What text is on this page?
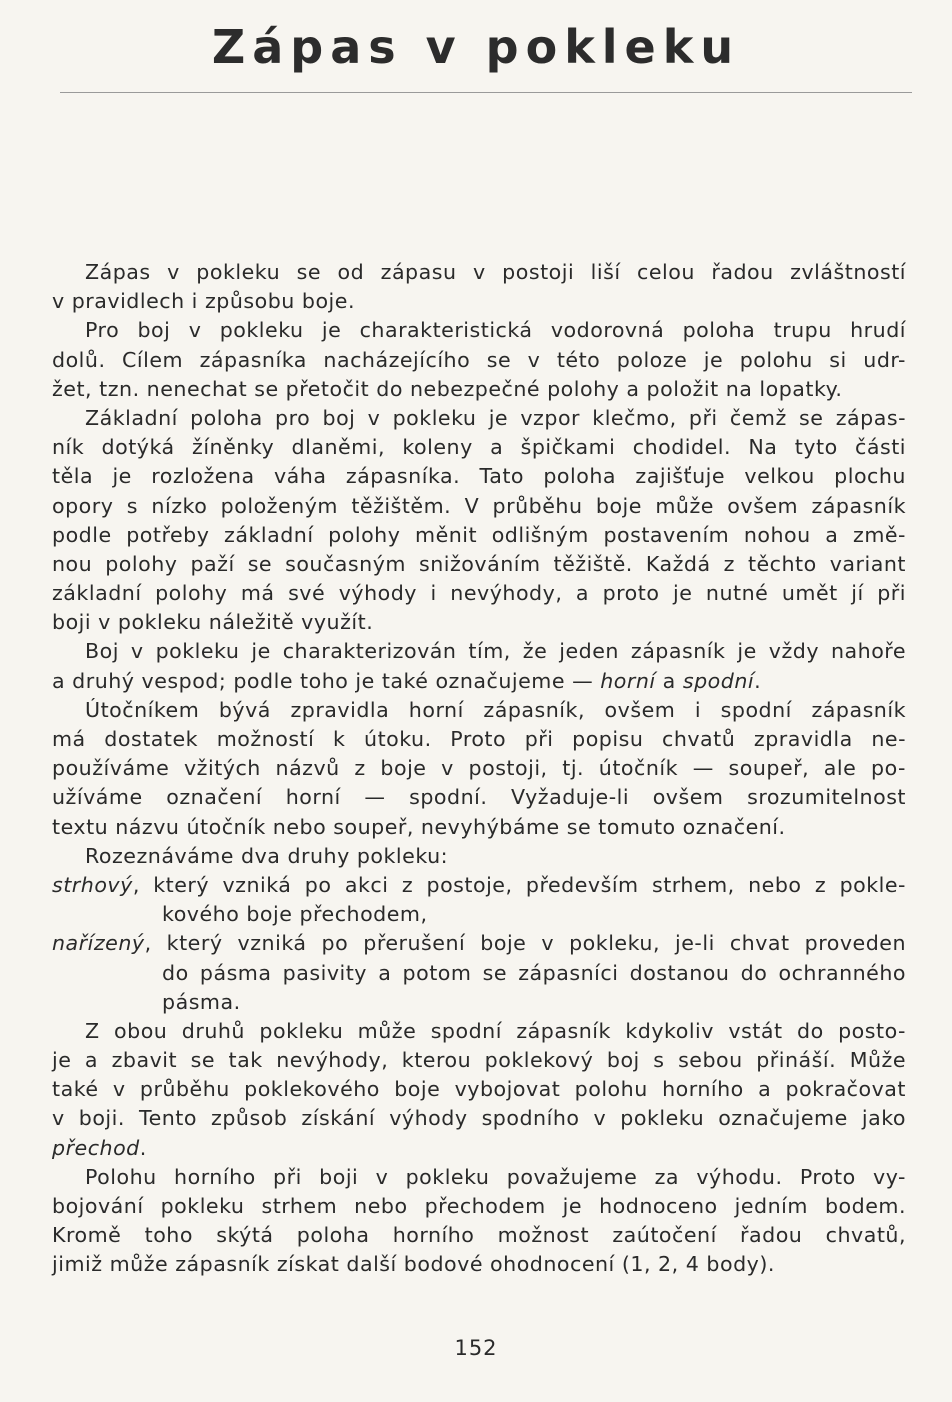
Zápas v pokleku
Zápas v pokleku se od zápasu v postoji liší celou řadou zvláštností
v pravidlech i způsobu boje.
Pro boj v pokleku je charakteristická vodorovná poloha trupu hrudí
dolů. Cílem zápasníka nacházejícího se v této poloze je polohu si udr-
žet, tzn. nenechat se přetočit do nebezpečné polohy a položit na lopatky.
Základní poloha pro boj v pokleku je vzpor klečmo, při čemž se zápas-
ník dotýká žíněnky dlaněmi, koleny a špičkami chodidel. Na tyto části
těla je rozložena váha zápasníka. Tato poloha zajišťuje velkou plochu
opory s nízko položeným těžištěm. V průběhu boje může ovšem zápasník
podle potřeby základní polohy měnit odlišným postavením nohou a změ-
nou polohy paží se současným snižováním těžiště. Každá z těchto variant
základní polohy má své výhody i nevýhody, a proto je nutné umět jí při
boji v pokleku náležitě využít.
Boj v pokleku je charakterizován tím, že jeden zápasník je vždy nahoře
a druhý vespod; podle toho je také označujeme — horní a spodní.
Útočníkem bývá zpravidla horní zápasník, ovšem i spodní zápasník
má dostatek možností k útoku. Proto při popisu chvatů zpravidla ne-
používáme vžitých názvů z boje v postoji, tj. útočník — soupeř, ale po-
užíváme označení horní — spodní. Vyžaduje-li ovšem srozumitelnost
textu názvu útočník nebo soupeř, nevyhýbáme se tomuto označení.
Rozeznáváme dva druhy pokleku:
strhový, který vzniká po akci z postoje, především strhem, nebo z pokle-
kového boje přechodem,
nařízený, který vzniká po přerušení boje v pokleku, je-li chvat proveden
do pásma pasivity a potom se zápasníci dostanou do ochranného
pásma.
Z obou druhů pokleku může spodní zápasník kdykoliv vstát do posto-
je a zbavit se tak nevýhody, kterou poklekový boj s sebou přináší. Může
také v průběhu poklekového boje vybojovat polohu horního a pokračovat
v boji. Tento způsob získání výhody spodního v pokleku označujeme jako
přechod.
Polohu horního při boji v pokleku považujeme za výhodu. Proto vy-
bojování pokleku strhem nebo přechodem je hodnoceno jedním bodem.
Kromě toho skýtá poloha horního možnost zaútočení řadou chvatů,
jimiž může zápasník získat další bodové ohodnocení (1, 2, 4 body).
152
